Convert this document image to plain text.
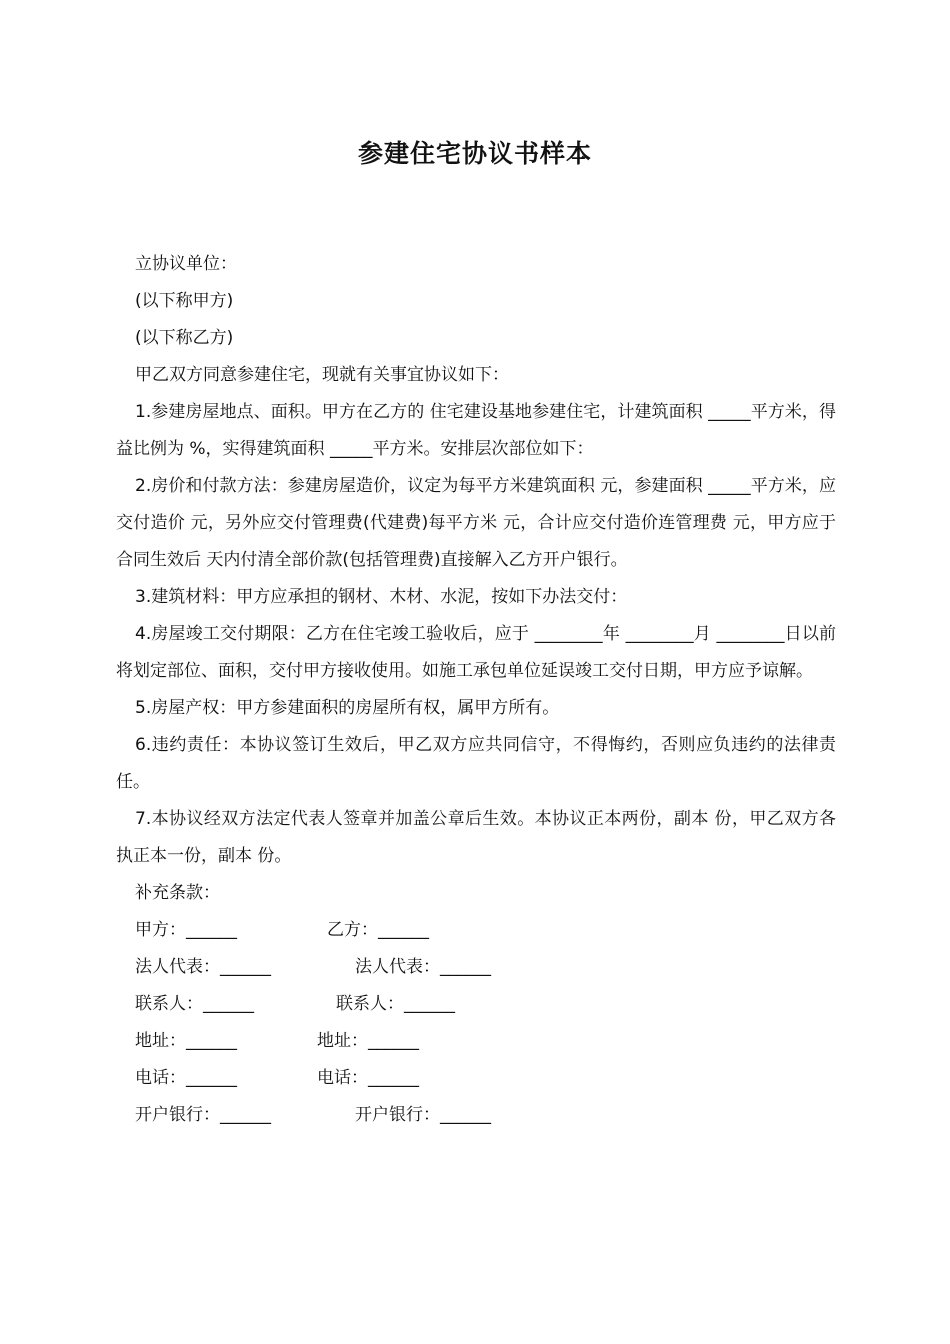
参建住宅协议书样本

立协议单位：

(以下称甲方)

(以下称乙方)

甲乙双方同意参建住宅，现就有关事宜协议如下：

1.参建房屋地点、面积。甲方在乙方的 住宅建设基地参建住宅，计建筑面积 _____平方米，得益比例为 %，实得建筑面积 _____平方米。安排层次部位如下：

2.房价和付款方法：参建房屋造价，议定为每平方米建筑面积 元，参建面积 _____平方米，应交付造价 元，另外应交付管理费(代建费)每平方米 元，合计应交付造价连管理费 元，甲方应于合同生效后 天内付清全部价款(包括管理费)直接解入乙方开户银行。

3.建筑材料：甲方应承担的钢材、木材、水泥，按如下办法交付：

4.房屋竣工交付期限：乙方在住宅竣工验收后，应于 ________年 ________月 ________日以前将划定部位、面积，交付甲方接收使用。如施工承包单位延误竣工交付日期，甲方应予谅解。

5.房屋产权：甲方参建面积的房屋所有权，属甲方所有。

6.违约责任：本协议签订生效后，甲乙双方应共同信守，不得悔约，否则应负违约的法律责任。

7.本协议经双方法定代表人签章并加盖公章后生效。本协议正本两份，副本 份，甲乙双方各执正本一份，副本 份。

补充条款：

甲方：______	乙方：______
法人代表：______	法人代表：______
联系人：______	联系人：______
地址：______	地址：______
电话：______	电话：______
开户银行：______	开户银行：______
